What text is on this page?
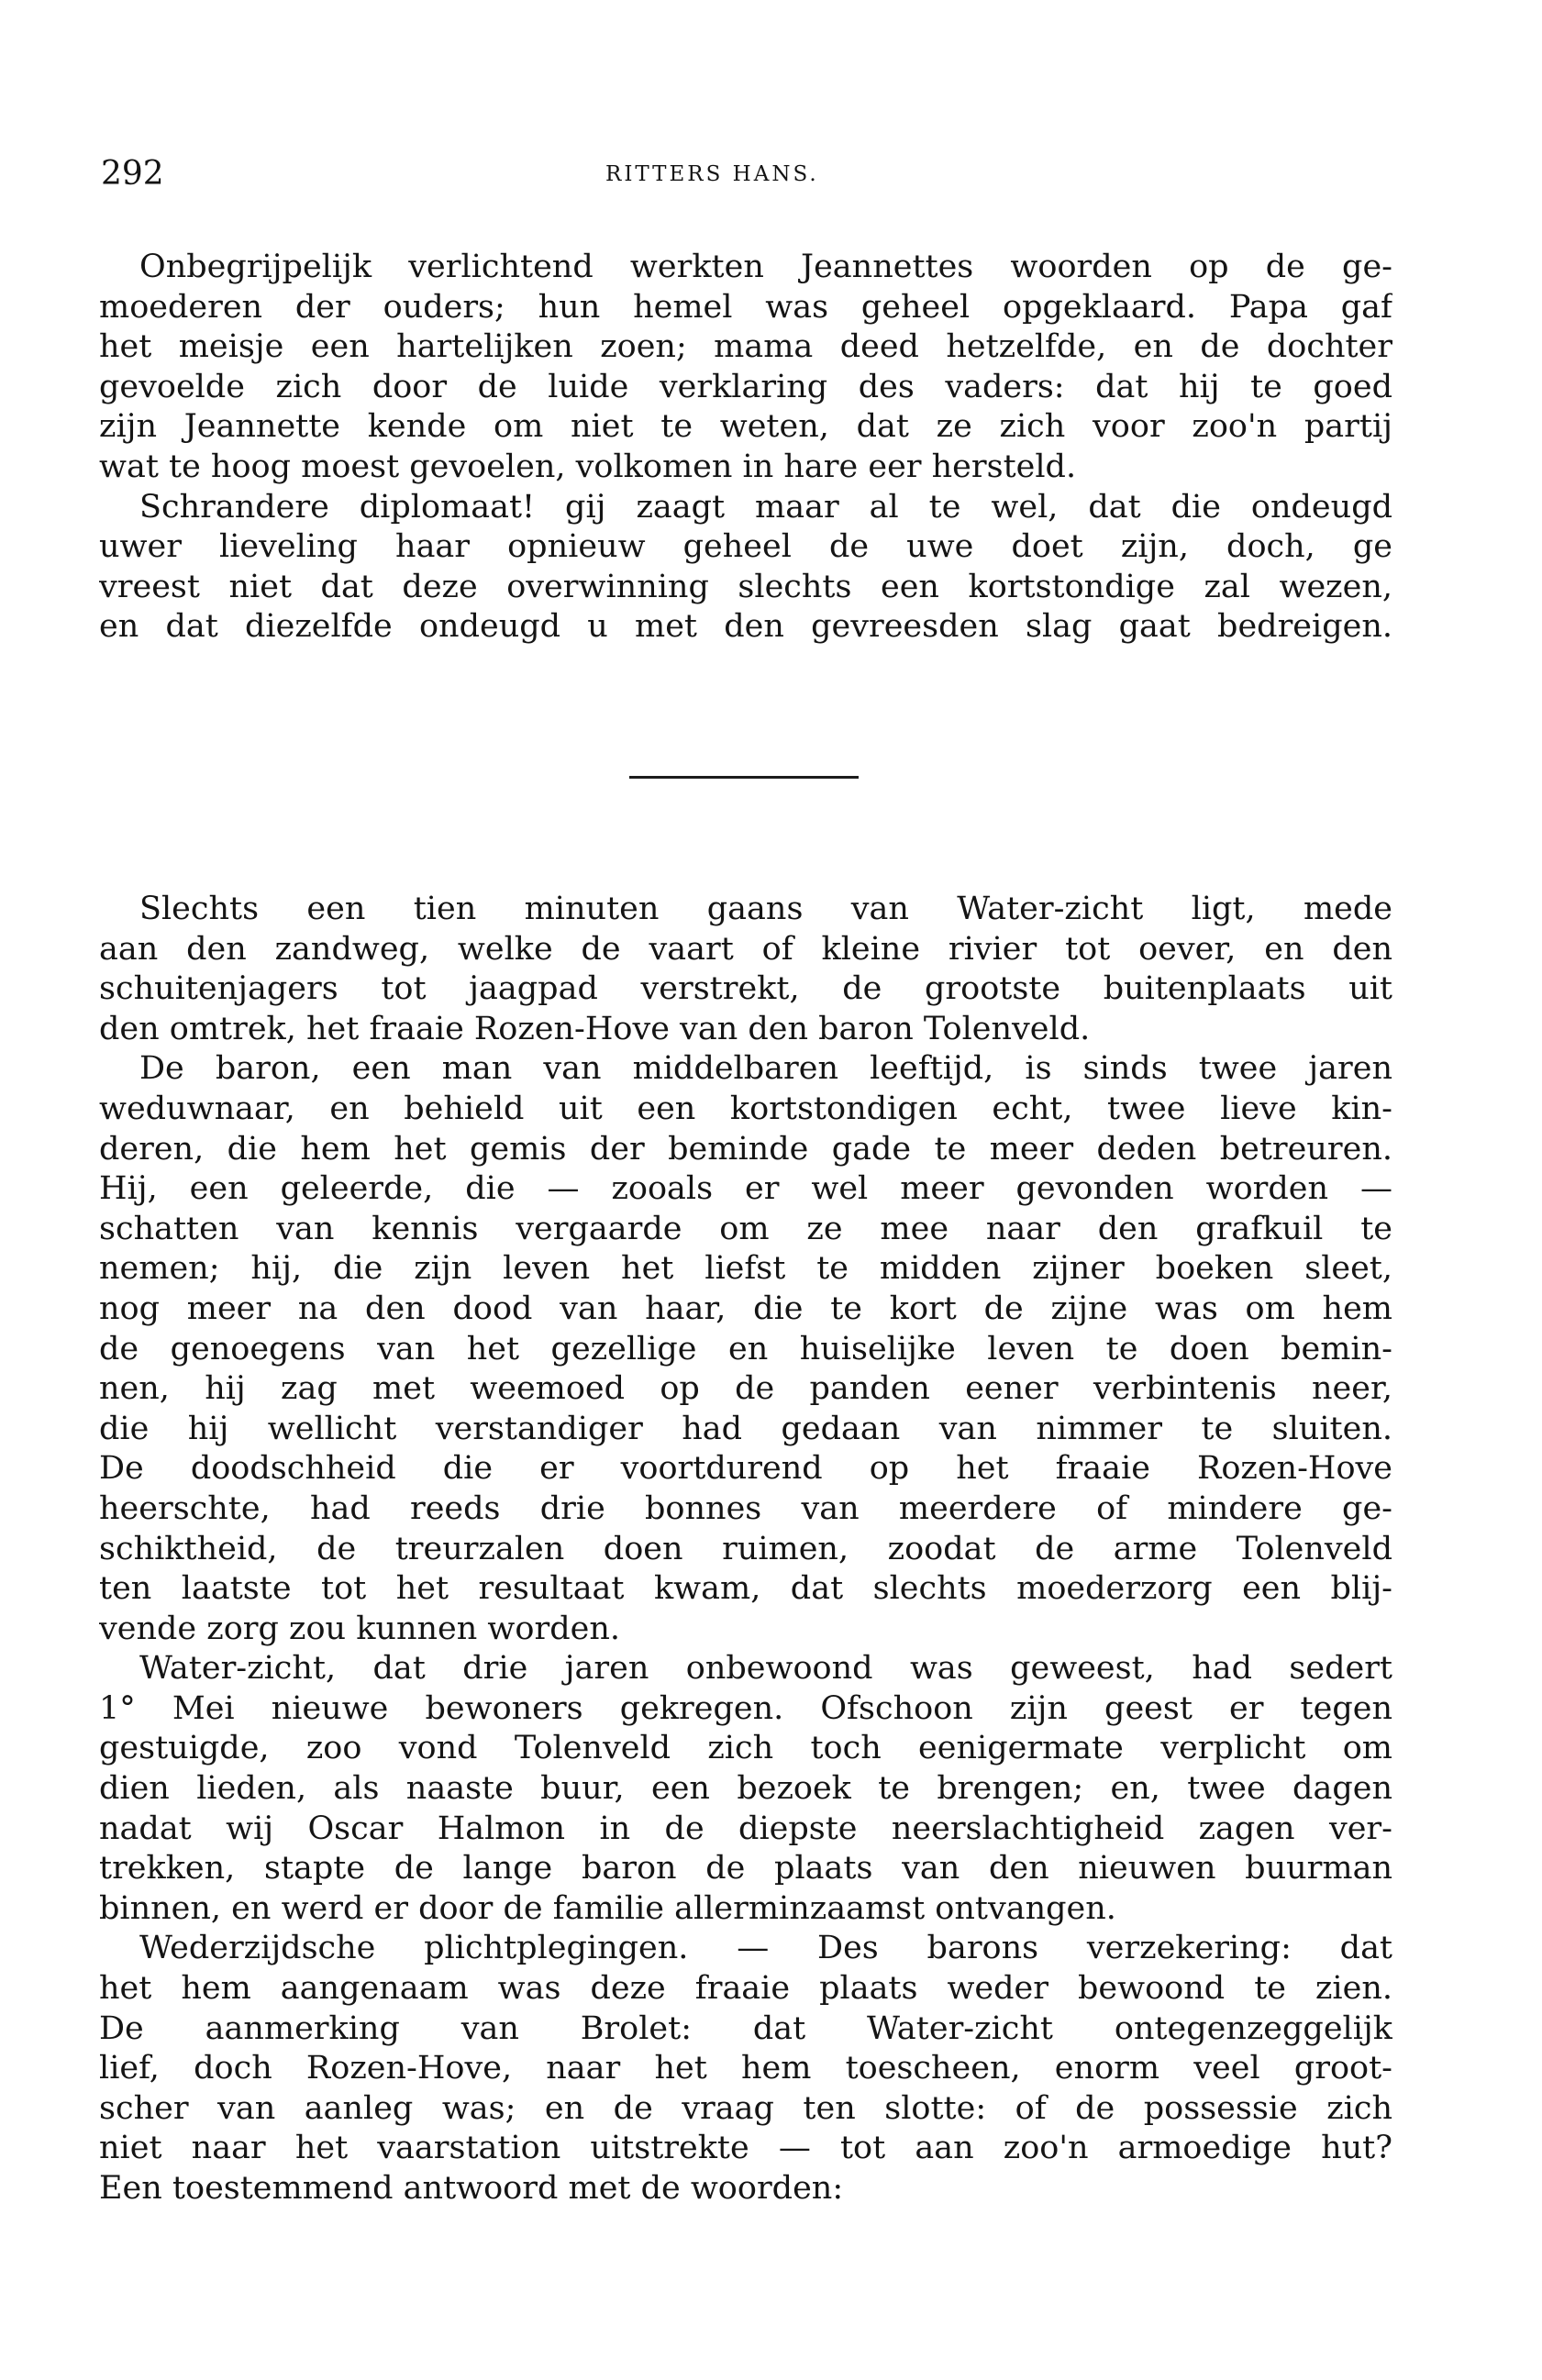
292	RITTERS HANS.
Onbegrijpelijk verlichtend werkten Jeannettes woorden op de ge-
moederen der ouders; hun hemel was geheel opgeklaard. Papa gaf
het meisje een hartelijken zoen; mama deed hetzelfde, en de dochter
gevoelde zich door de luide verklaring des vaders: dat hij te goed
zijn Jeannette kende om niet te weten, dat ze zich voor zoo'n partij
wat te hoog moest gevoelen, volkomen in hare eer hersteld.
Schrandere diplomaat! gij zaagt maar al te wel, dat die ondeugd
uwer lieveling haar opnieuw geheel de uwe doet zijn, doch, ge
vreest niet dat deze overwinning slechts een kortstondige zal wezen,
en dat diezelfde ondeugd u met den gevreesden slag gaat bedreigen.
Slechts een tien minuten gaans van Water-zicht ligt, mede
aan den zandweg, welke de vaart of kleine rivier tot oever, en den
schuitenjagers tot jaagpad verstrekt, de grootste buitenplaats uit
den omtrek, het fraaie Rozen-Hove van den baron Tolenveld.
De baron, een man van middelbaren leeftijd, is sinds twee jaren
weduwnaar, en behield uit een kortstondigen echt, twee lieve kin-
deren, die hem het gemis der beminde gade te meer deden betreuren.
Hij, een geleerde, die — zooals er wel meer gevonden worden —
schatten van kennis vergaarde om ze mee naar den grafkuil te
nemen; hij, die zijn leven het liefst te midden zijner boeken sleet,
nog meer na den dood van haar, die te kort de zijne was om hem
de genoegens van het gezellige en huiselijke leven te doen bemin-
nen, hij zag met weemoed op de panden eener verbintenis neer,
die hij wellicht verstandiger had gedaan van nimmer te sluiten.
De doodschheid die er voortdurend op het fraaie Rozen-Hove
heerschte, had reeds drie bonnes van meerdere of mindere ge-
schiktheid, de treurzalen doen ruimen, zoodat de arme Tolenveld
ten laatste tot het resultaat kwam, dat slechts moederzorg een blij-
vende zorg zou kunnen worden.
Water-zicht, dat drie jaren onbewoond was geweest, had sedert
1° Mei nieuwe bewoners gekregen. Ofschoon zijn geest er tegen
gestuigde, zoo vond Tolenveld zich toch eenigermate verplicht om
dien lieden, als naaste buur, een bezoek te brengen; en, twee dagen
nadat wij Oscar Halmon in de diepste neerslachtigheid zagen ver-
trekken, stapte de lange baron de plaats van den nieuwen buurman
binnen, en werd er door de familie allerminzaamst ontvangen.
Wederzijdsche plichtplegingen. — Des barons verzekering: dat
het hem aangenaam was deze fraaie plaats weder bewoond te zien.
De aanmerking van Brolet: dat Water-zicht ontegenzeggelijk
lief, doch Rozen-Hove, naar het hem toescheen, enorm veel groot-
scher van aanleg was; en de vraag ten slotte: of de possessie zich
niet naar het vaarstation uitstrekte — tot aan zoo'n armoedige hut?
Een toestemmend antwoord met de woorden:
